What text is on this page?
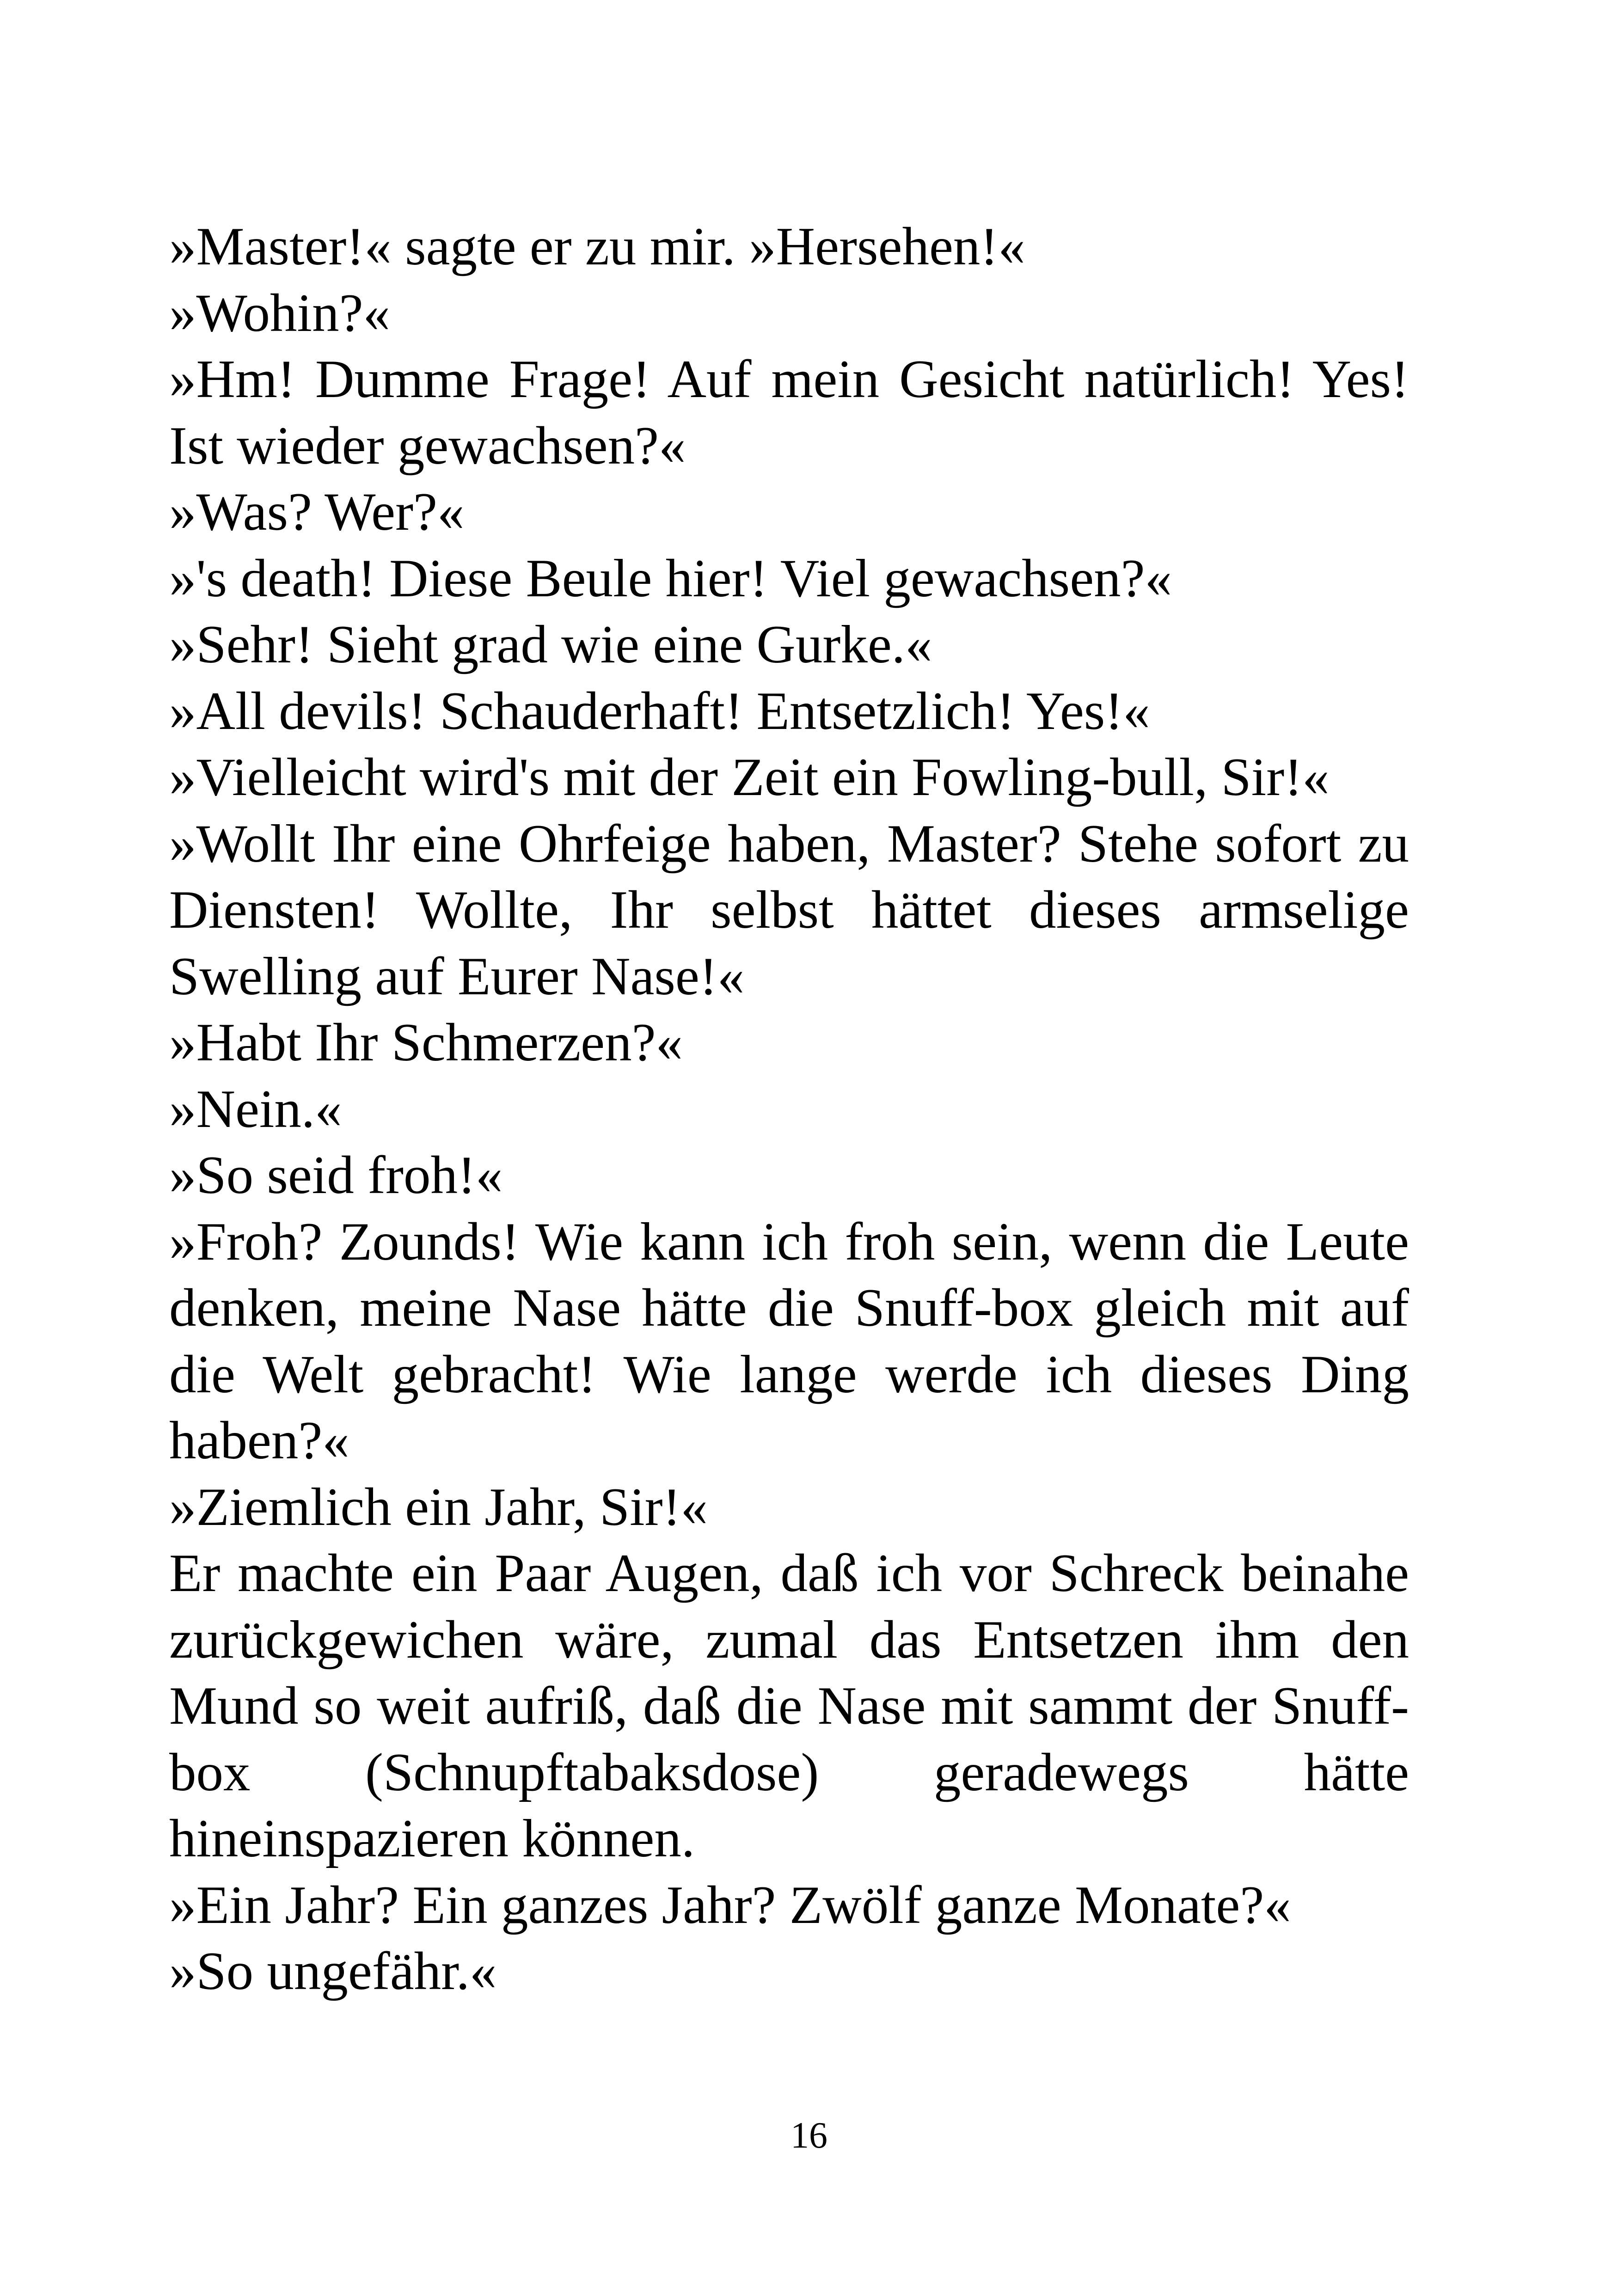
»Master!« sagte er zu mir. »Hersehen!«

»Wohin?«

»Hm! Dumme Frage! Auf mein Gesicht natürlich! Yes! Ist wieder gewachsen?«

»Was? Wer?«

»'s death! Diese Beule hier! Viel gewachsen?«

»Sehr! Sieht grad wie eine Gurke.«

»All devils! Schauderhaft! Entsetzlich! Yes!«

»Vielleicht wird's mit der Zeit ein Fowling-bull, Sir!«

»Wollt Ihr eine Ohrfeige haben, Master? Stehe sofort zu Diensten! Wollte, Ihr selbst hättet dieses armselige Swelling auf Eurer Nase!«

»Habt Ihr Schmerzen?«

»Nein.«

»So seid froh!«

»Froh? Zounds! Wie kann ich froh sein, wenn die Leute denken, meine Nase hätte die Snuff-box gleich mit auf die Welt gebracht! Wie lange werde ich dieses Ding haben?«

»Ziemlich ein Jahr, Sir!«

Er machte ein Paar Augen, daß ich vor Schreck beinahe zurückgewichen wäre, zumal das Entsetzen ihm den Mund so weit aufriß, daß die Nase mit sammt der Snuff-box (Schnupftabaksdose) geradewegs hätte hineinspazieren können.

»Ein Jahr? Ein ganzes Jahr? Zwölf ganze Monate?«

»So ungefähr.«

16
